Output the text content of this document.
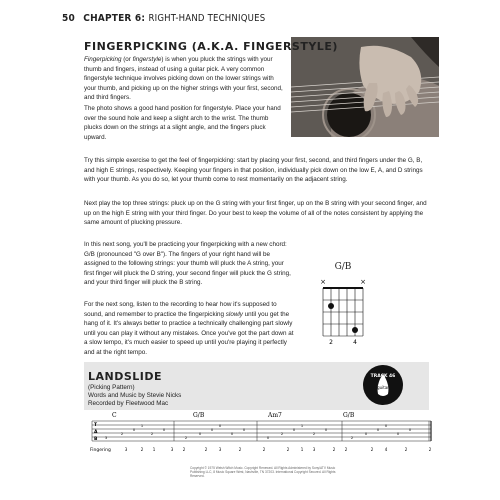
50 CHAPTER 6: RIGHT-HAND TECHNIQUES
FINGERPICKING (A.K.A. FINGERSTYLE)

Fingerpicking (or fingerstyle) is when you pluck the strings with your thumb and fingers, instead of using a guitar pick. A very common fingerstyle technique involves picking down on the lower strings with your thumb, and picking up on the higher strings with your first, second, and third fingers.

The photo shows a good hand position for fingerstyle. Place your hand over the sound hole and keep a slight arch to the wrist. The thumb plucks down on the strings at a slight angle, and the fingers pluck upward.

Try this simple exercise to get the feel of fingerpicking: start by placing your first, second, and third fingers under the G, B, and high E strings, respectively. Keeping your fingers in that position, individually pick down on the low E, A, and D strings with your thumb. As you do so, let your thumb come to rest momentarily on the adjacent string.

Next play the top three strings: pluck up on the G string with your first finger, up on the B string with your second finger, and up on the high E string with your third finger. Do your best to keep the volume of all of the notes consistent by applying the same amount of plucking pressure.

In this next song, you'll be practicing your fingerpicking with a new chord: G/B (pronounced "G over B"). The fingers of your right hand will be assigned to the following strings: your thumb will pluck the A string, your first finger will pluck the D string, your second finger will pluck the G string, and your third finger will pluck the B string.

For the next song, listen to the recording to hear how it's supposed to sound, and remember to practice the fingerpicking slowly until you get the hang of it. It's always better to practice a technically challenging part slowly until you can play it without any mistakes. Once you've got the part down at a slow tempo, it's much easier to speed up until you're playing it perfectly and at the right tempo.

G/B
×	×
2	4
LANDSLIDE
(Picking Pattern)
Words and Music by Stevie Nicks
Recorded by Fleetwood Mac
TRACK 46
guitar
C	G/B	Am7	G/B
T
A
B 3
2
0
1
2
0
2
0
0
0
0
0
0
2
0
1
2
0
2
0
0
0
0
0
Fingering	3	2 1	3 2	2	3	2	2	2	1 3	2 2	2	4	2	2
Copyright © 1975 Welsh Witch Music. Copyright Renewed. All Rights Administered by Sony/ATV Music Publishing LLC, 8 Music Square West, Nashville, TN 37203. International Copyright Secured. All Rights Reserved.
